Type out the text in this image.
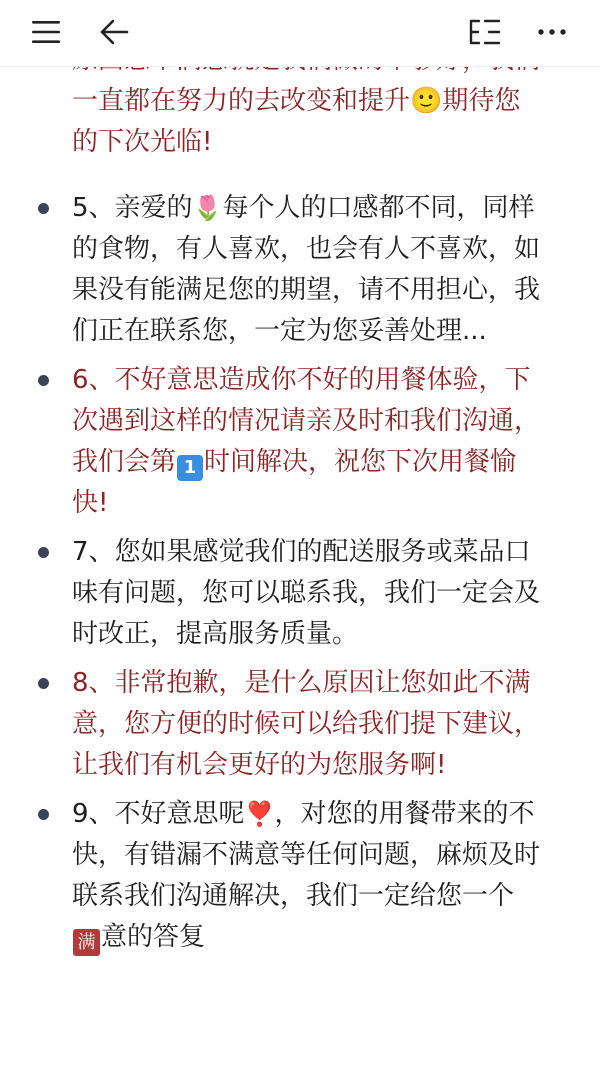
一直都在努力的去改变和提升🙂期待您的下次光临!

5、亲爱的🌷每个人的口感都不同，同样的食物，有人喜欢，也会有人不喜欢，如果没有能满足您的期望，请不用担心，我们正在联系您，一定为您妥善处理...
6、不好意思造成你不好的用餐体验，下次遇到这样的情况请亲及时和我们沟通，我们会第 1 时间解决，祝您下次用餐愉快!
7、您如果感觉我们的配送服务或菜品口味有问题，您可以聪系我，我们一定会及时改正，提高服务质量。
8、非常抱歉，是什么原因让您如此不满意，您方便的时候可以给我们提下建议，让我们有机会更好的为您服务啊!
9、不好意思呢❣️，对您的用餐带来的不快，有错漏不满意等任何问题，麻烦及时联系我们沟通解决，我们一定给您一个满 意的答复
